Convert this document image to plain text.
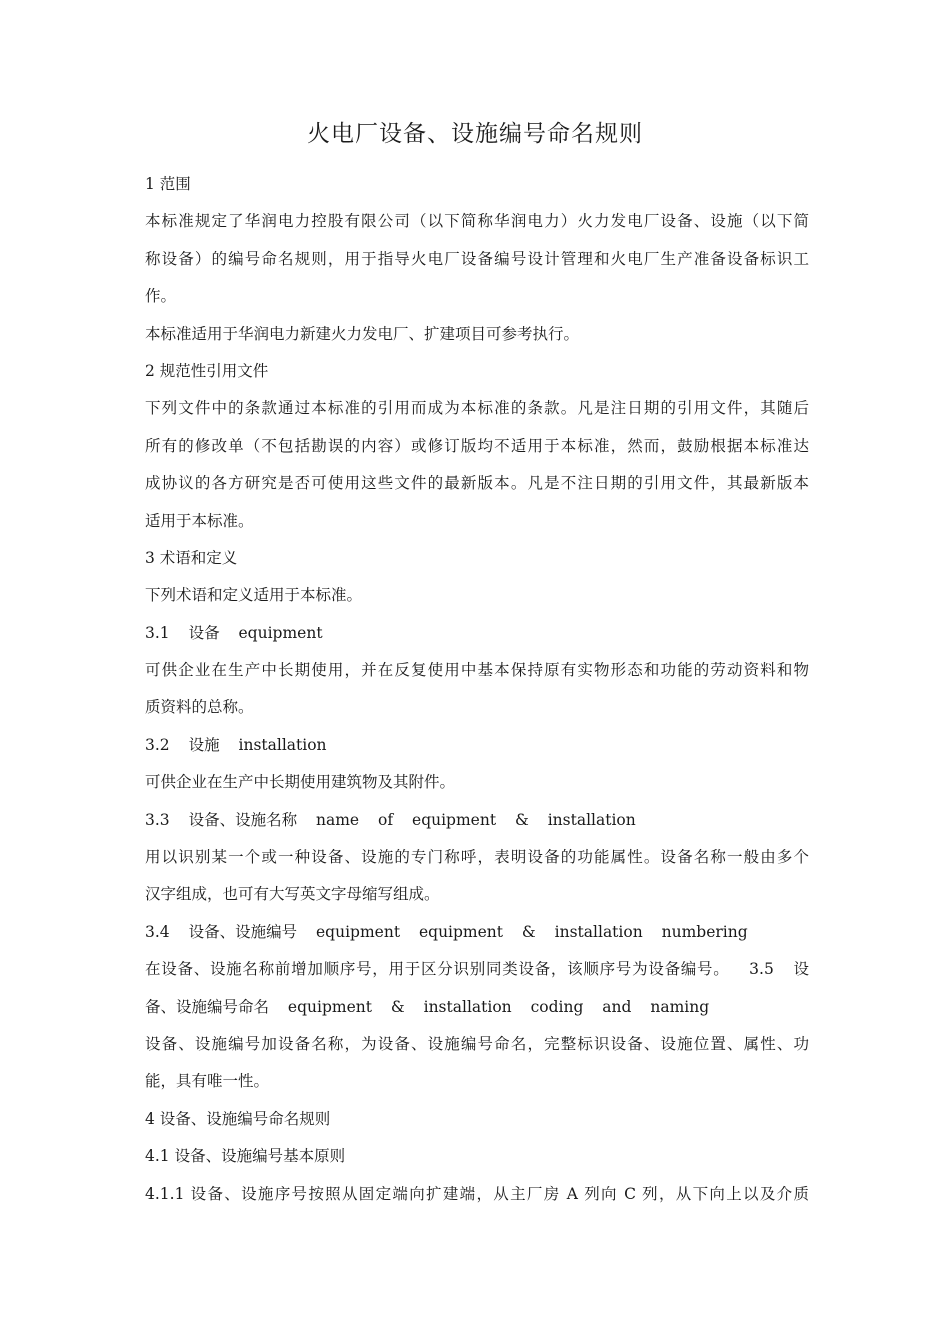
火电厂设备、设施编号命名规则
1 范围
本标准规定了华润电力控股有限公司（以下简称华润电力）火力发电厂设备、设施（以下简
称设备）的编号命名规则，用于指导火电厂设备编号设计管理和火电厂生产准备设备标识工
作。
本标准适用于华润电力新建火力发电厂、扩建项目可参考执行。
2 规范性引用文件
下列文件中的条款通过本标准的引用而成为本标准的条款。凡是注日期的引用文件，其随后
所有的修改单（不包括勘误的内容）或修订版均不适用于本标准，然而，鼓励根据本标准达
成协议的各方研究是否可使用这些文件的最新版本。凡是不注日期的引用文件，其最新版本
适用于本标准。
3 术语和定义
下列术语和定义适用于本标准。
3.1 设备 equipment
可供企业在生产中长期使用，并在反复使用中基本保持原有实物形态和功能的劳动资料和物
质资料的总称。
3.2 设施 installation
可供企业在生产中长期使用建筑物及其附件。
3.3 设备、设施名称 name of equipment & installation
用以识别某一个或一种设备、设施的专门称呼，表明设备的功能属性。设备名称一般由多个
汉字组成，也可有大写英文字母缩写组成。
3.4 设备、设施编号 equipment equipment & installation numbering
在设备、设施名称前增加顺序号，用于区分识别同类设备，该顺序号为设备编号。 3.5 设
备、设施编号命名 equipment & installation coding and naming
设备、设施编号加设备名称，为设备、设施编号命名，完整标识设备、设施位置、属性、功
能，具有唯一性。
4 设备、设施编号命名规则
4.1 设备、设施编号基本原则
4.1.1 设备、设施序号按照从固定端向扩建端，从主厂房 A 列向 C 列，从下向上以及介质
